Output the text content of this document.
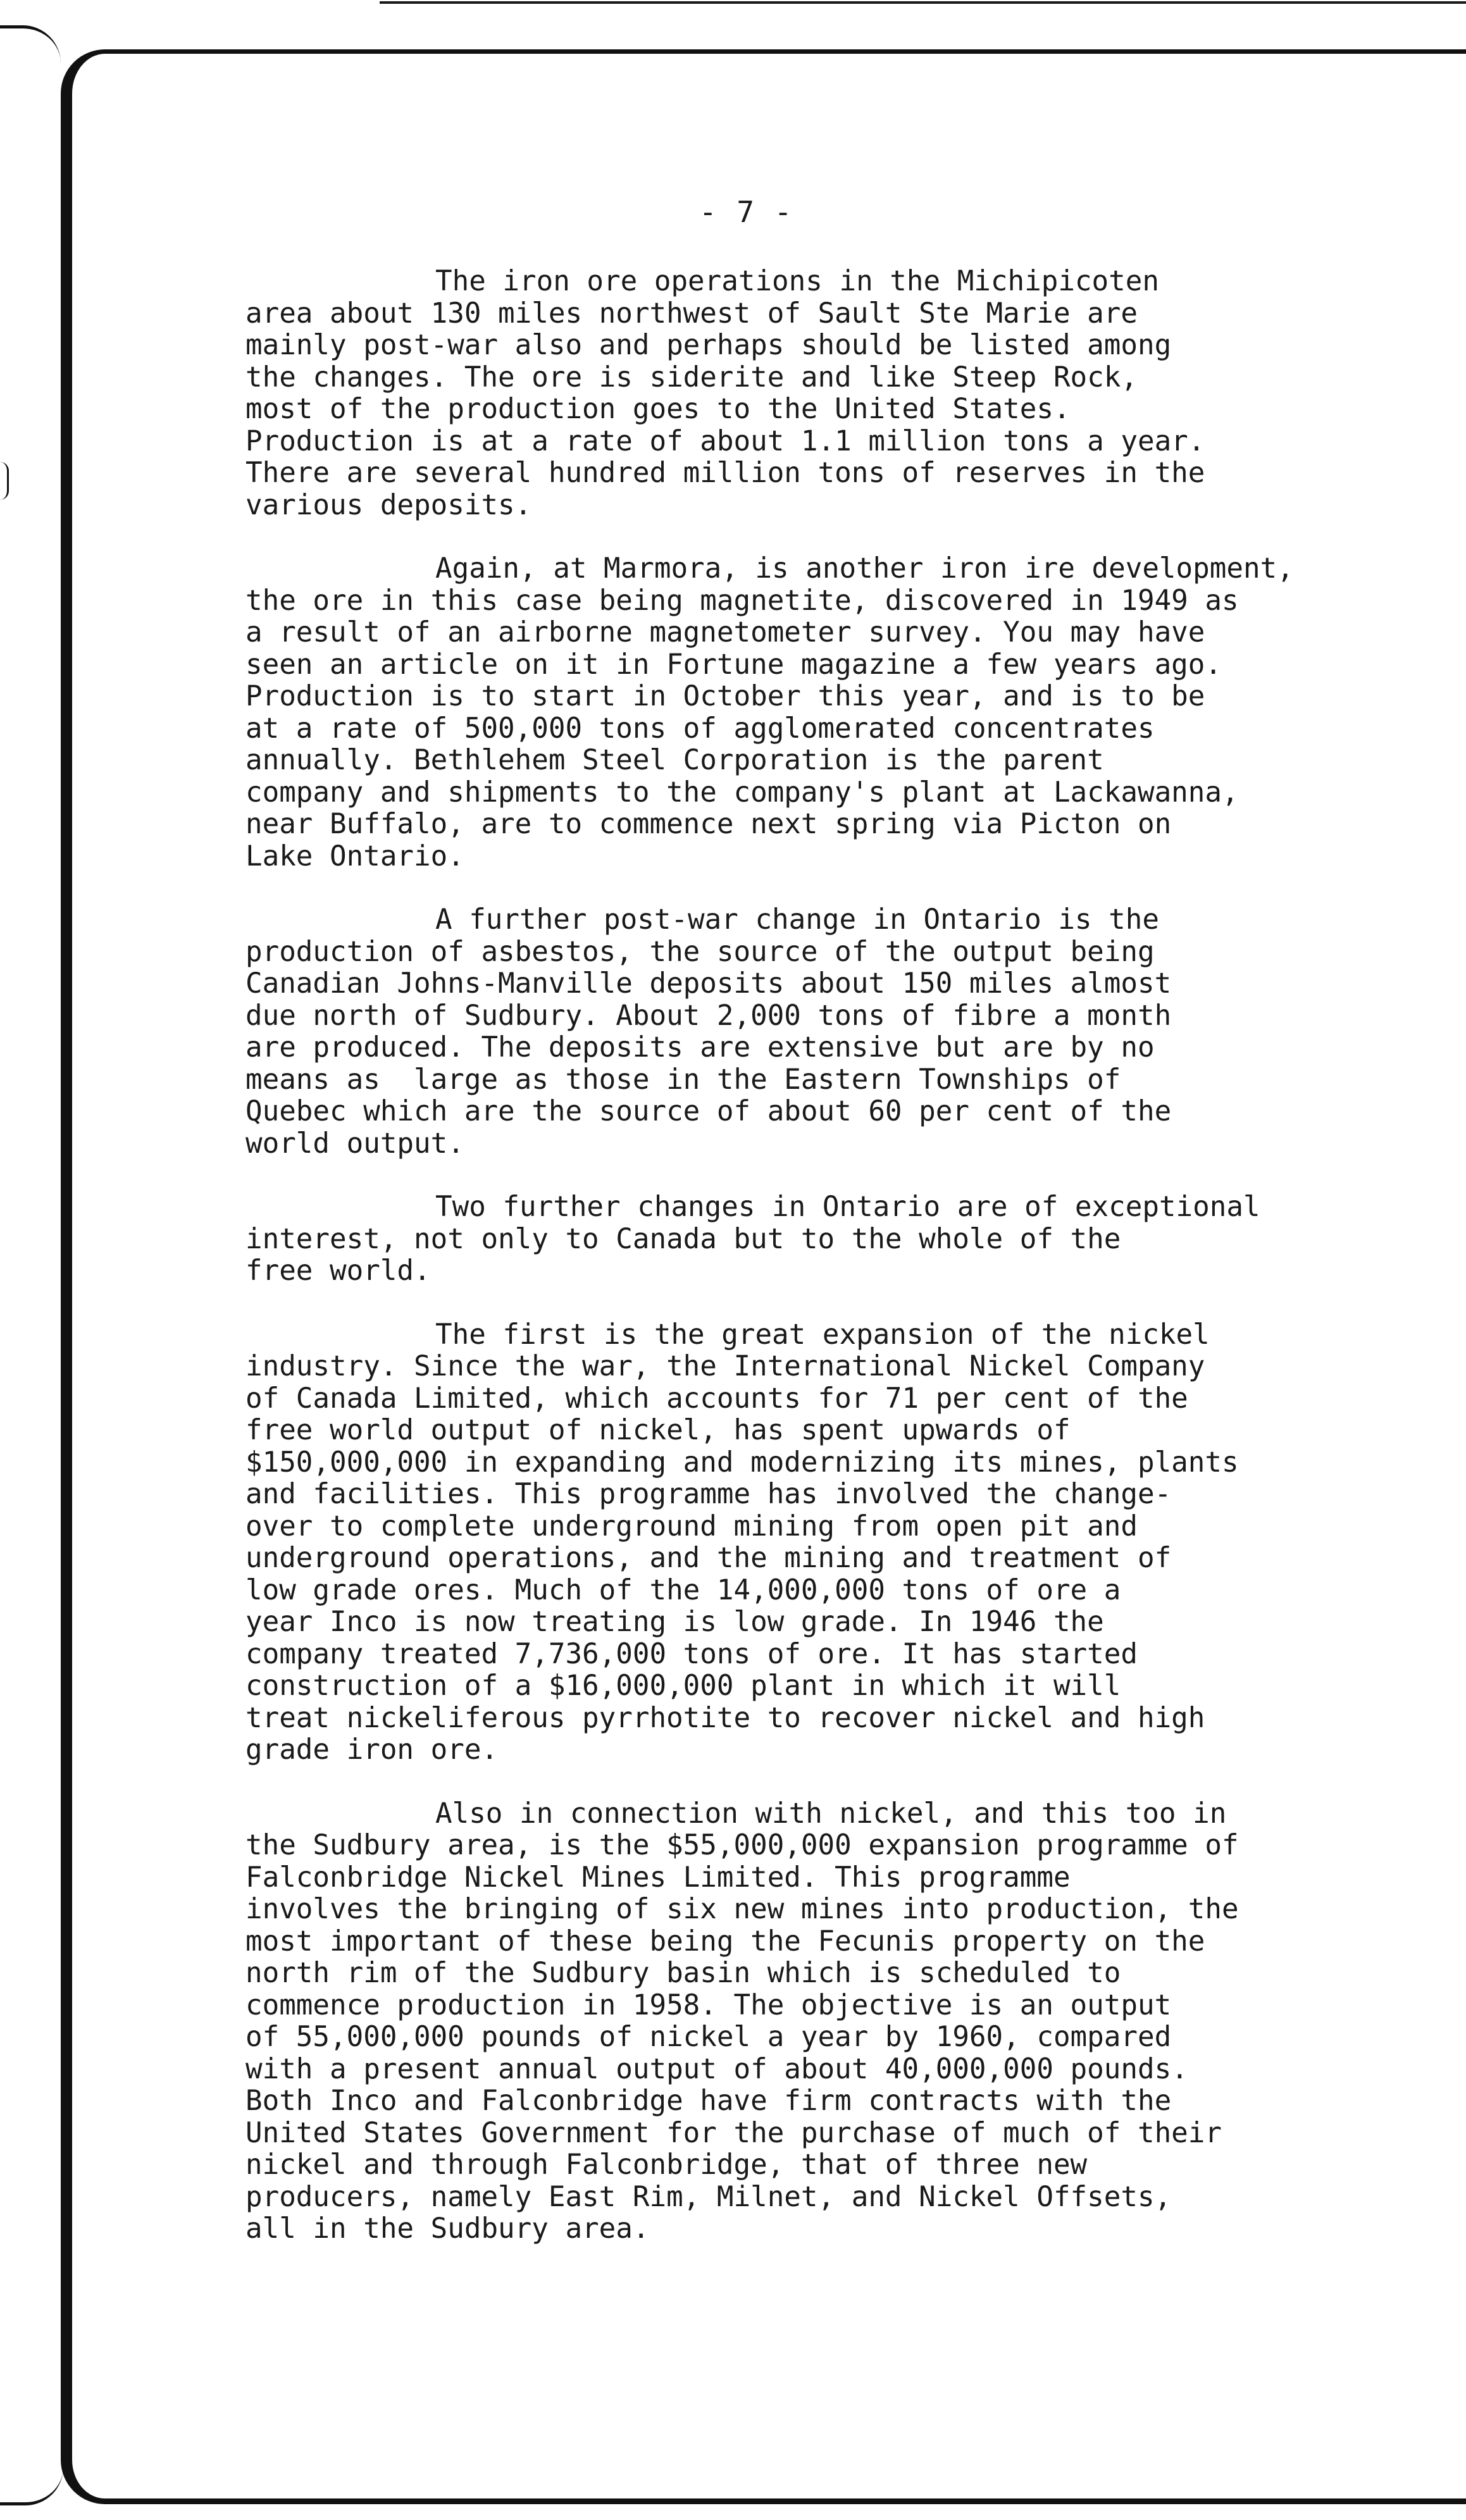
- 7 -
The iron ore operations in the Michipicoten
area about 130 miles northwest of Sault Ste Marie are
mainly post-war also and perhaps should be listed among
the changes. The ore is siderite and like Steep Rock,
most of the production goes to the United States.
Production is at a rate of about 1.1 million tons a year.
There are several hundred million tons of reserves in the
various deposits.
Again, at Marmora, is another iron ire development,
the ore in this case being magnetite, discovered in 1949 as
a result of an airborne magnetometer survey. You may have
seen an article on it in Fortune magazine a few years ago.
Production is to start in October this year, and is to be
at a rate of 500,000 tons of agglomerated concentrates
annually. Bethlehem Steel Corporation is the parent
company and shipments to the company's plant at Lackawanna,
near Buffalo, are to commence next spring via Picton on
Lake Ontario.
A further post-war change in Ontario is the
production of asbestos, the source of the output being
Canadian Johns-Manville deposits about 150 miles almost
due north of Sudbury. About 2,000 tons of fibre a month
are produced. The deposits are extensive but are by no
means as  large as those in the Eastern Townships of
Quebec which are the source of about 60 per cent of the
world output.
Two further changes in Ontario are of exceptional
interest, not only to Canada but to the whole of the
free world.
The first is the great expansion of the nickel
industry. Since the war, the International Nickel Company
of Canada Limited, which accounts for 71 per cent of the
free world output of nickel, has spent upwards of
$150,000,000 in expanding and modernizing its mines, plants
and facilities. This programme has involved the change-
over to complete underground mining from open pit and
underground operations, and the mining and treatment of
low grade ores. Much of the 14,000,000 tons of ore a
year Inco is now treating is low grade. In 1946 the
company treated 7,736,000 tons of ore. It has started
construction of a $16,000,000 plant in which it will
treat nickeliferous pyrrhotite to recover nickel and high
grade iron ore.
Also in connection with nickel, and this too in
the Sudbury area, is the $55,000,000 expansion programme of
Falconbridge Nickel Mines Limited. This programme
involves the bringing of six new mines into production, the
most important of these being the Fecunis property on the
north rim of the Sudbury basin which is scheduled to
commence production in 1958. The objective is an output
of 55,000,000 pounds of nickel a year by 1960, compared
with a present annual output of about 40,000,000 pounds.
Both Inco and Falconbridge have firm contracts with the
United States Government for the purchase of much of their
nickel and through Falconbridge, that of three new
producers, namely East Rim, Milnet, and Nickel Offsets,
all in the Sudbury area.
